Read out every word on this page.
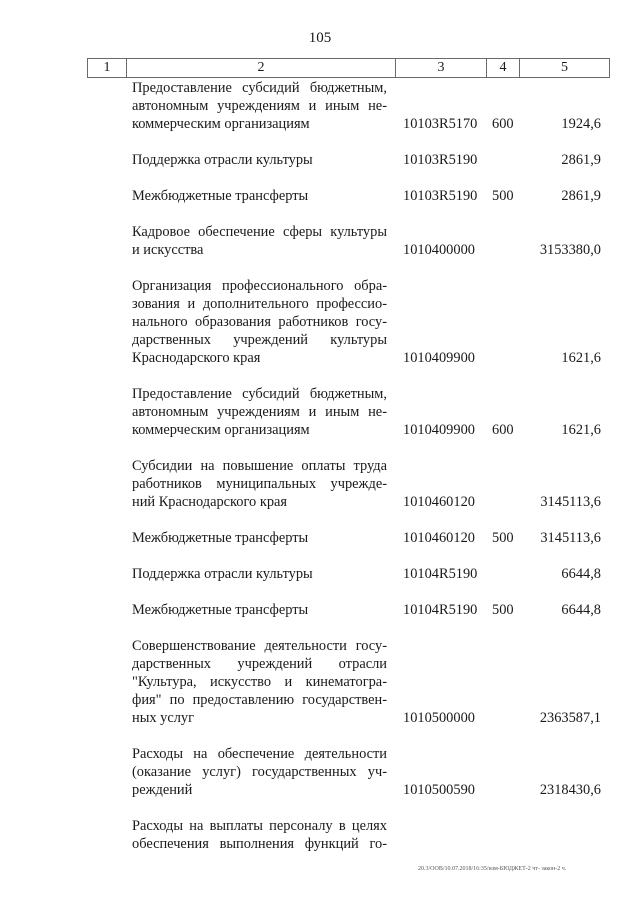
105
1	2	3	4	5
Предоставление субсидий бюджетным,
автономным учреждениям и иным не-
коммерческим организациям	10103R5170 600	1924,6
Поддержка отрасли культуры	10103R5190	2861,9
Межбюджетные трансферты	10103R5190 500	2861,9
Кадровое обеспечение сферы культуры
и искусства	1010400000	3153380,0
Организация профессионального обра-
зования и дополнительного профессио-
нального образования работников госу-
дарственных учреждений культуры
Краснодарского края	1010409900	1621,6
Предоставление субсидий бюджетным,
автономным учреждениям и иным не-
коммерческим организациям	1010409900 600	1621,6
Субсидии на повышение оплаты труда
работников муниципальных учрежде-
ний Краснодарского края	1010460120	3145113,6
Межбюджетные трансферты	1010460120 500 3145113,6
Поддержка отрасли культуры	10104R5190	6644,8
Межбюджетные трансферты	10104R5190 500	6644,8
Совершенствование деятельности госу-
дарственных учреждений отрасли
"Культура, искусство и кинематогра-
фия" по предоставлению государствен-
ных услуг	1010500000	2363587,1
Расходы на обеспечение деятельности
(оказание услуг) государственных уч-
реждений	1010500590	2318430,6
Расходы на выплаты персоналу в целях
обеспечения выполнения функций го-
20.3/ООВ/10.07.2018/16:35/изм-БЮДЖЕТ-2 чт- закон-2 ч.
